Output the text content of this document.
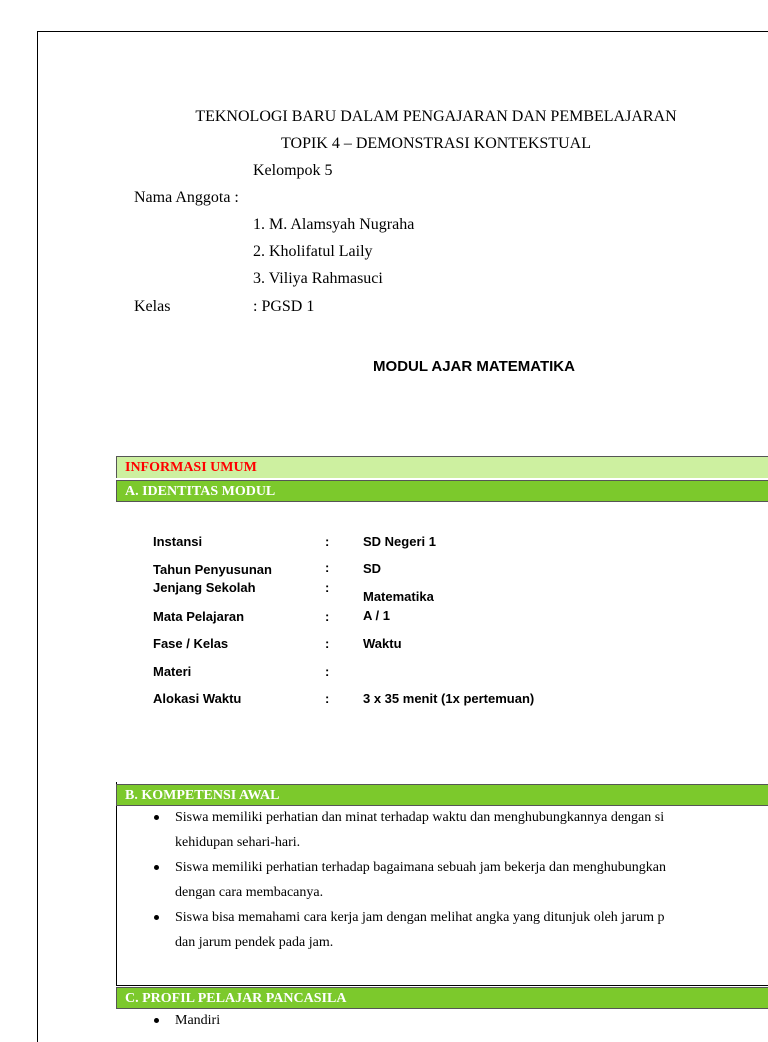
TEKNOLOGI BARU DALAM PENGAJARAN DAN PEMBELAJARAN
TOPIK 4 – DEMONSTRASI KONTEKSTUAL
Kelompok 5
Nama Anggota :
1. M. Alamsyah Nugraha
2. Kholifatul Laily
3. Viliya Rahmasuci
Kelas	: PGSD 1
MODUL AJAR MATEMATIKA
INFORMASI UMUM
A. IDENTITAS MODUL
Instansi	:	SD Negeri 1
Tahun Penyusunan	:	SD
Jenjang Sekolah	:
Matematika
Mata Pelajaran	:	A / 1
Fase / Kelas	:	Waktu
Materi	:
Alokasi Waktu	:	3 x 35 menit (1x pertemuan)
B. KOMPETENSI AWAL
Siswa memiliki perhatian dan minat terhadap waktu dan menghubungkannya dengan si
kehidupan sehari-hari.
Siswa memiliki perhatian terhadap bagaimana sebuah jam bekerja dan menghubungkan
dengan cara membacanya.
Siswa bisa memahami cara kerja jam dengan melihat angka yang ditunjuk oleh jarum p
dan jarum pendek pada jam.
C. PROFIL PELAJAR PANCASILA
Mandiri
